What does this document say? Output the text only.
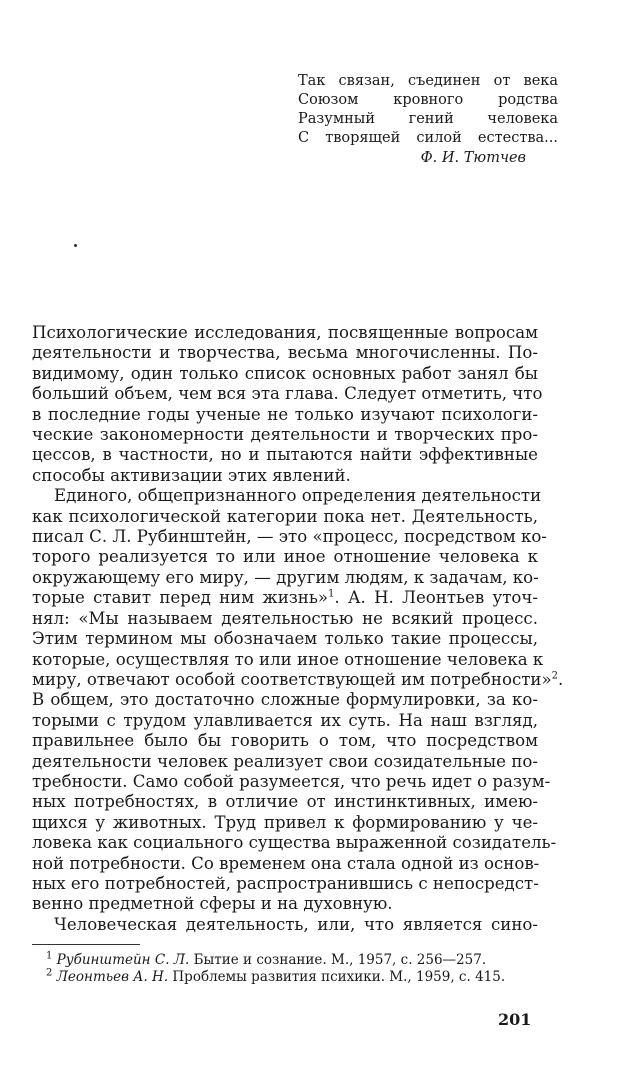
Так связан, съединен от века
Союзом кровного родства
Разумный гений человека
С творящей силой естества...
Ф. И. Тютчев
Психологические исследования, посвященные вопросам
деятельности и творчества, весьма многочисленны. По-
видимому, один только список основных работ занял бы
больший объем, чем вся эта глава. Следует отметить, что
в последние годы ученые не только изучают психологи-
ческие закономерности деятельности и творческих про-
цессов, в частности, но и пытаются найти эффективные
способы активизации этих явлений.
Единого, общепризнанного определения деятельности
как психологической категории пока нет. Деятельность,
писал С. Л. Рубинштейн, — это «процесс, посредством ко-
торого реализуется то или иное отношение человека к
окружающему его миру, — другим людям, к задачам, ко-
торые ставит перед ним жизнь»$^1$. А. Н. Леонтьев уточ-
нял: «Мы называем деятельностью не всякий процесс.
Этим термином мы обозначаем только такие процессы,
которые, осуществляя то или иное отношение человека к
миру, отвечают особой соответствующей им потребности»$^2$.
В общем, это достаточно сложные формулировки, за ко-
торыми с трудом улавливается их суть. На наш взгляд,
правильнее было бы говорить о том, что посредством
деятельности человек реализует свои созидательные по-
требности. Само собой разумеется, что речь идет о разум-
ных потребностях, в отличие от инстинктивных, имею-
щихся у животных. Труд привел к формированию у че-
ловека как социального существа выраженной созидатель-
ной потребности. Со временем она стала одной из основ-
ных его потребностей, распространившись с непосредст-
венно предметной сферы и на духовную.
Человеческая деятельность, или, что является сино-
$^1$ Рубинштейн С. Л. Бытие и сознание. М., 1957, с. 256—257.
$^2$ Леонтьев А. Н. Проблемы развития психики. М., 1959, с. 415.
201
